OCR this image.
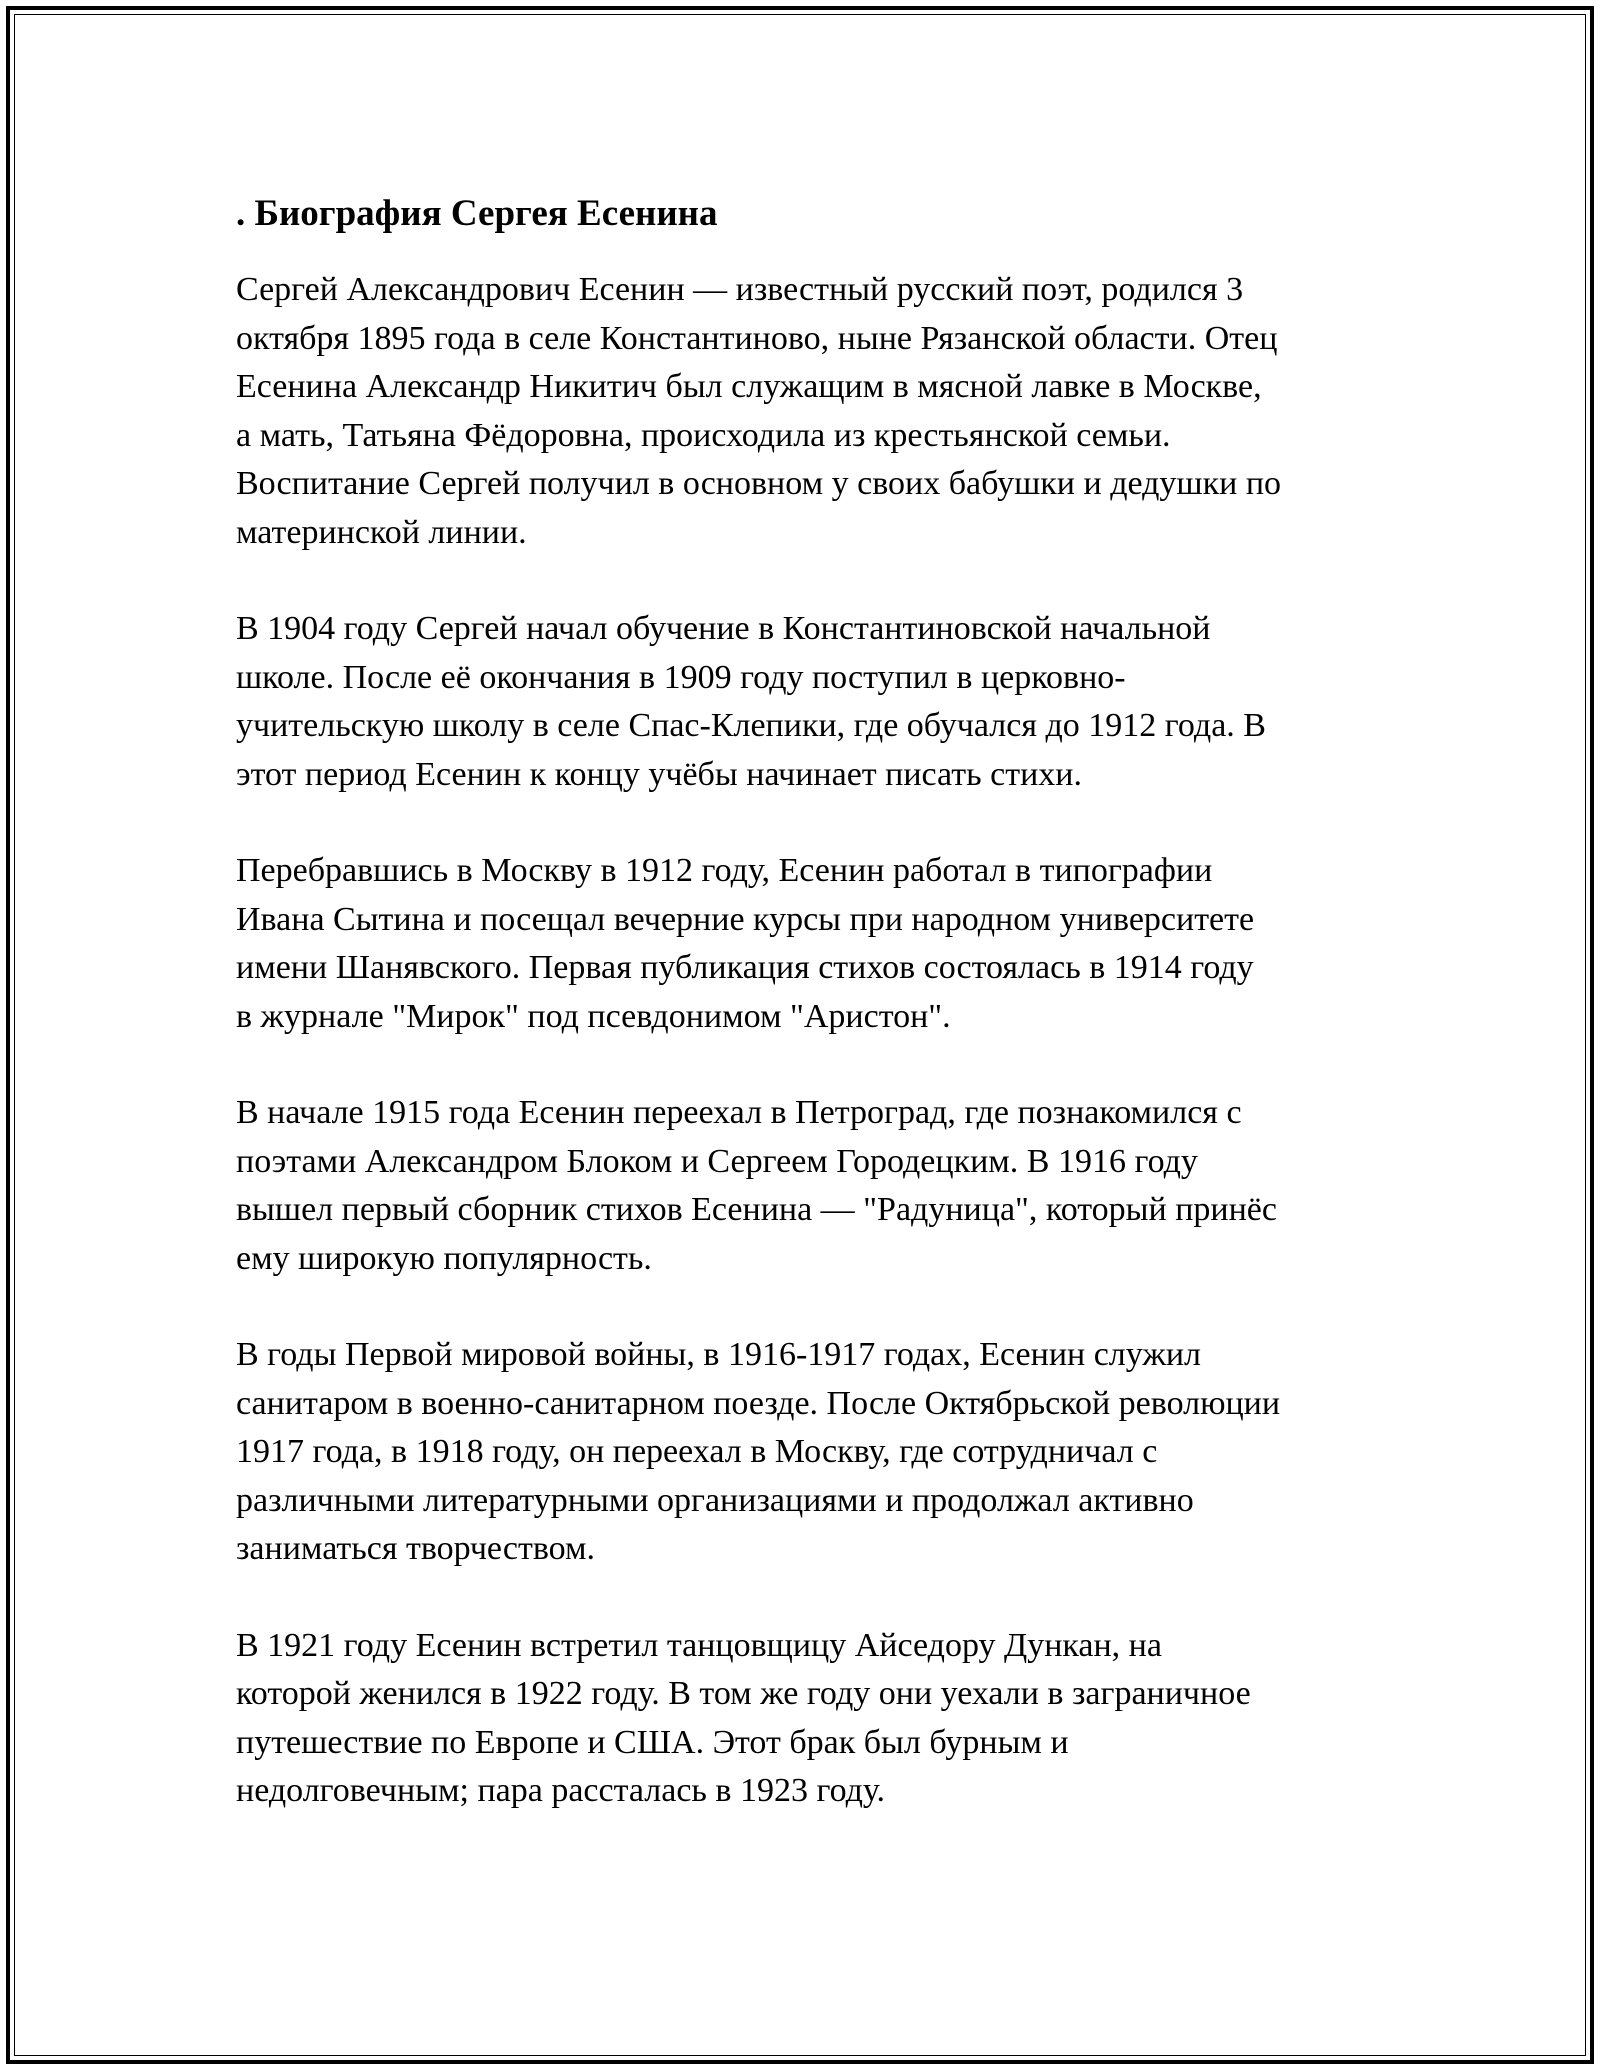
. Биография Сергея Есенина
Сергей Александрович Есенин — известный русский поэт, родился 3
октября 1895 года в селе Константиново, ныне Рязанской области. Отец
Есенина Александр Никитич был служащим в мясной лавке в Москве,
а мать, Татьяна Фёдоровна, происходила из крестьянской семьи.
Воспитание Сергей получил в основном у своих бабушки и дедушки по
материнской линии.
В 1904 году Сергей начал обучение в Константиновской начальной
школе. После её окончания в 1909 году поступил в церковно-
учительскую школу в селе Спас-Клепики, где обучался до 1912 года. В
этот период Есенин к концу учёбы начинает писать стихи.
Перебравшись в Москву в 1912 году, Есенин работал в типографии
Ивана Сытина и посещал вечерние курсы при народном университете
имени Шанявского. Первая публикация стихов состоялась в 1914 году
в журнале "Мирок" под псевдонимом "Аристон".
В начале 1915 года Есенин переехал в Петроград, где познакомился с
поэтами Александром Блоком и Сергеем Городецким. В 1916 году
вышел первый сборник стихов Есенина — "Радуница", который принёс
ему широкую популярность.
В годы Первой мировой войны, в 1916-1917 годах, Есенин служил
санитаром в военно-санитарном поезде. После Октябрьской революции
1917 года, в 1918 году, он переехал в Москву, где сотрудничал с
различными литературными организациями и продолжал активно
заниматься творчеством.
В 1921 году Есенин встретил танцовщицу Айседору Дункан, на
которой женился в 1922 году. В том же году они уехали в заграничное
путешествие по Европе и США. Этот брак был бурным и
недолговечным; пара рассталась в 1923 году.
